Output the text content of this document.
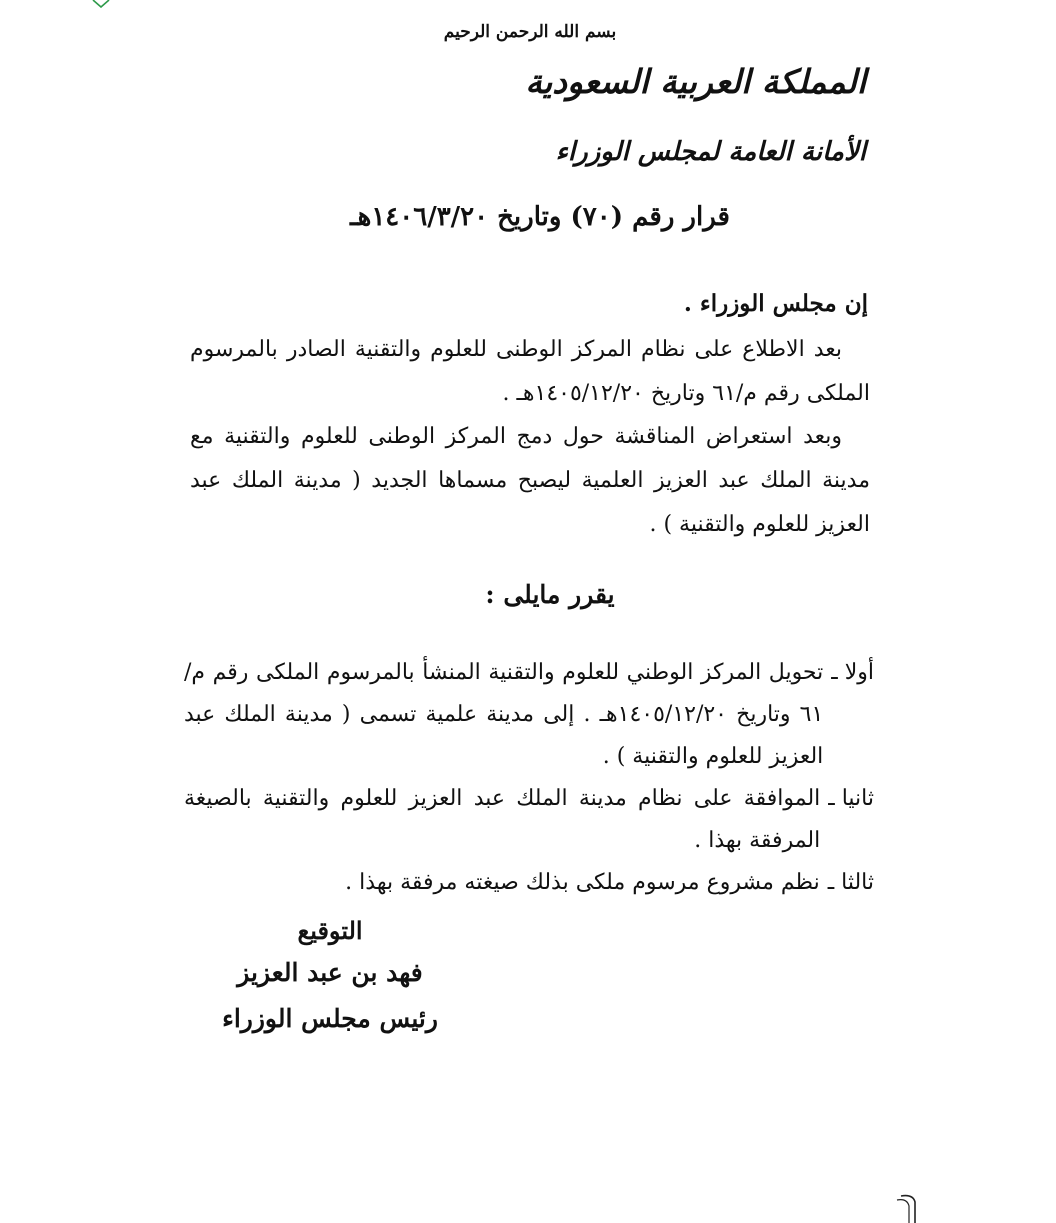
بسم الله الرحمن الرحيم
المملكة العربية السعودية
الأمانة العامة لمجلس الوزراء
قرار رقم (٧٠) وتاريخ ١٤٠٦/٣/٢٠هـ
إن مجلس الوزراء .
بعد الاطلاع على نظام المركز الوطنى للعلوم والتقنية الصادر بالمرسوم الملكى رقم م/٦١ وتاريخ ١٤٠٥/١٢/٢٠هـ .
وبعد استعراض المناقشة حول دمج المركز الوطنى للعلوم والتقنية مع مدينة الملك عبد العزيز العلمية ليصبح مسماها الجديد ( مدينة الملك عبد العزيز للعلوم والتقنية ) .
يقرر مايلى :
أولا ـ
تحويل المركز الوطني للعلوم والتقنية المنشأ بالمرسوم الملكى رقم م/٦١ وتاريخ ١٤٠٥/١٢/٢٠هـ . إلى مدينة علمية تسمى ( مدينة الملك عبد العزيز للعلوم والتقنية ) .
ثانيا ـ
الموافقة على نظام مدينة الملك عبد العزيز للعلوم والتقنية بالصيغة المرفقة بهذا .
ثالثا ـ
نظم مشروع مرسوم ملكى بذلك صيغته مرفقة بهذا .
التوقيع
فهد بن عبد العزيز
رئيس مجلس الوزراء
